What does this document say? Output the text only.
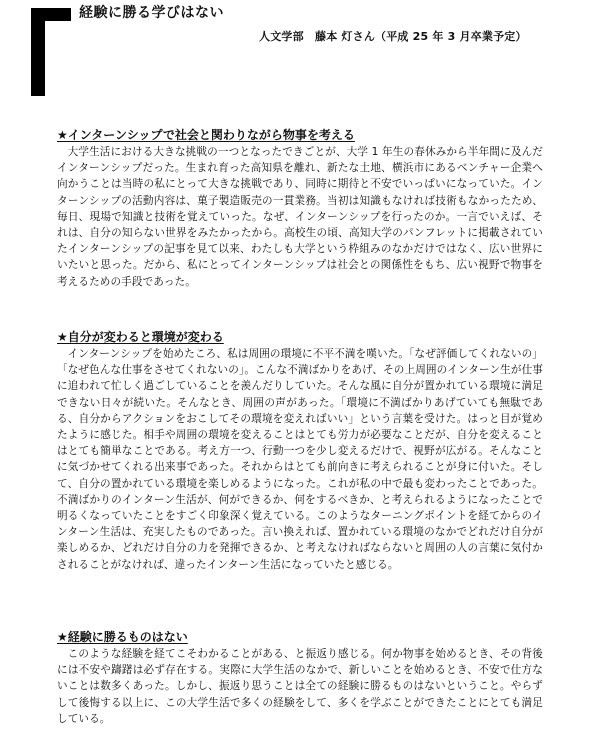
経験に勝る学びはない
人文学部　藤本 灯さん（平成 25 年 3 月卒業予定）
★インターンシップで社会と関わりながら物事を考える

大学生活における大きな挑戦の一つとなったできごとが、大学 1 年生の春休みから半年間に及んだインターンシップだった。生まれ育った高知県を離れ、新たな土地、横浜市にあるベンチャー企業へ向かうことは当時の私にとって大きな挑戦であり、同時に期待と不安でいっぱいになっていた。インターンシップの活動内容は、菓子製造販売の一貫業務。当初は知識もなければ技術もなかったため、毎日、現場で知識と技術を覚えていった。なぜ、インターンシップを行ったのか。一言でいえば、それは、自分の知らない世界をみたかったから。高校生の頃、高知大学のパンフレットに掲載されていたインターンシップの記事を見て以来、わたしも大学という枠組みのなかだけではなく、広い世界にいたいと思った。だから、私にとってインターンシップは社会との関係性をもち、広い視野で物事を考えるための手段であった。

★自分が変わると環境が変わる

インターンシップを始めたころ、私は周囲の環境に不平不満を嘆いた。「なぜ評価してくれないの」「なぜ色んな仕事をさせてくれないの」。こんな不満ばかりをあげ、その上周囲のインターン生が仕事に追われて忙しく過ごしていることを羨んだりしていた。そんな風に自分が置かれている環境に満足できない日々が続いた。そんなとき、周囲の声があった。「環境に不満ばかりあげていても無駄である、自分からアクションをおこしてその環境を変えればいい」という言葉を受けた。はっと目が覚めたように感じた。相手や周囲の環境を変えることはとても労力が必要なことだが、自分を変えることはとても簡単なことである。考え方一つ、行動一つを少し変えるだけで、視野が広がる。そんなことに気づかせてくれる出来事であった。それからはとても前向きに考えられることが身に付いた。そして、自分の置かれている環境を楽しめるようになった。これが私の中で最も変わったことであった。不満ばかりのインターン生活が、何ができるか、何をするべきか、と考えられるようになったことで明るくなっていたことをすごく印象深く覚えている。このようなターニングポイントを経てからのインターン生活は、充実したものであった。言い換えれば、置かれている環境のなかでどれだけ自分が楽しめるか、どれだけ自分の力を発揮できるか、と考えなければならないと周囲の人の言葉に気付かされることがなければ、違ったインターン生活になっていたと感じる。

★経験に勝るものはない

このような経験を経てこそわかることがある、と振返り感じる。何か物事を始めるとき、その背後には不安や躊躇は必ず存在する。実際に大学生活のなかで、新しいことを始めるとき、不安で仕方ないことは数多くあった。しかし、振返り思うことは全ての経験に勝るものはないということ。やらずして後悔する以上に、この大学生活で多くの経験をして、多くを学ぶことができたことにとても満足している。
